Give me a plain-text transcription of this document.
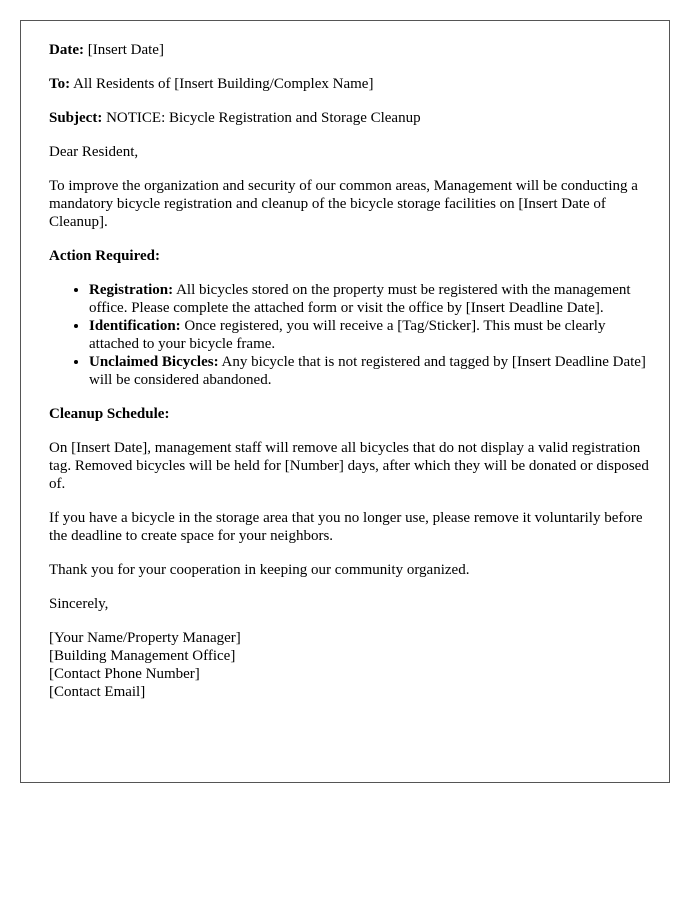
Date: [Insert Date]

To: All Residents of [Insert Building/Complex Name]

Subject: NOTICE: Bicycle Registration and Storage Cleanup

Dear Resident,

To improve the organization and security of our common areas, Management will be conducting a mandatory bicycle registration and cleanup of the bicycle storage facilities on [Insert Date of Cleanup].

Action Required:

• Registration: All bicycles stored on the property must be registered with the management office. Please complete the attached form or visit the office by [Insert Deadline Date].
• Identification: Once registered, you will receive a [Tag/Sticker]. This must be clearly attached to your bicycle frame.
• Unclaimed Bicycles: Any bicycle that is not registered and tagged by [Insert Deadline Date] will be considered abandoned.

Cleanup Schedule:

On [Insert Date], management staff will remove all bicycles that do not display a valid registration tag. Removed bicycles will be held for [Number] days, after which they will be donated or disposed of.

If you have a bicycle in the storage area that you no longer use, please remove it voluntarily before the deadline to create space for your neighbors.

Thank you for your cooperation in keeping our community organized.

Sincerely,

[Your Name/Property Manager]
[Building Management Office]
[Contact Phone Number]
[Contact Email]
